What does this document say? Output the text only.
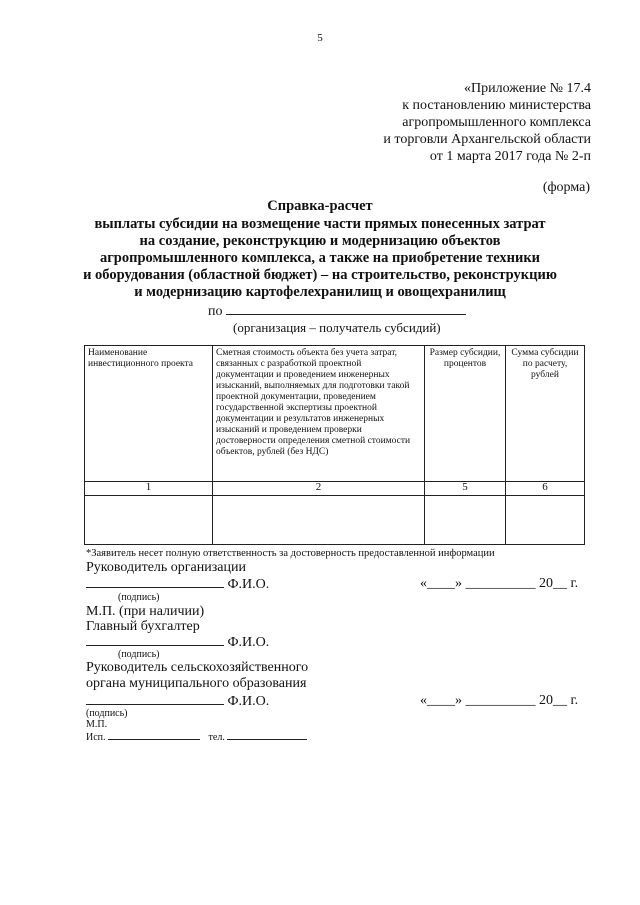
5
«Приложение № 17.4
к постановлению министерства
агропромышленного комплекса
и торговли Архангельской области
от 1 марта 2017 года № 2-п
(форма)
Справка-расчет
выплаты субсидии на возмещение части прямых понесенных затрат
на создание, реконструкцию и модернизацию объектов
агропромышленного комплекса, а также на приобретение техники
и оборудования (областной бюджет) – на строительство, реконструкцию
и модернизацию картофелехранилищ и овощехранилищ
по
(организация – получатель субсидий)
Наименование инвестиционного проекта	Сметная стоимость объекта без учета затрат, связанных с разработкой проектной документации и проведением инженерных изысканий, выполняемых для подготовки такой проектной документации, проведением государственной экспертизы проектной документации и результатов инженерных изысканий и проведением проверки достоверности определения сметной стоимости объектов, рублей (без НДС)	Размер субсидии, процентов	Сумма субсидии по расчету, рублей
1	2	5	6

*Заявитель несет полную ответственность за достоверность предоставленной информации
Руководитель организации
Ф.И.О.	«____» __________ 20__ г.
(подпись)
М.П. (при наличии)
Главный бухгалтер
Ф.И.О.
(подпись)
Руководитель сельскохозяйственного
органа муниципального образования
Ф.И.О.	«____» __________ 20__ г.
(подпись)
М.П.
Исп.	тел.
